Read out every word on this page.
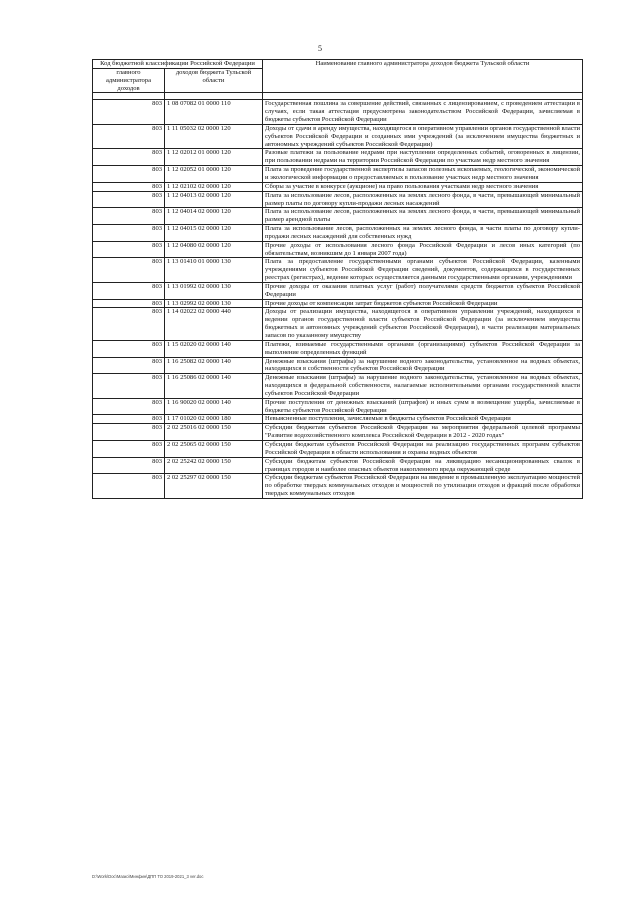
5
Код бюджетной классификации Российской Федерации		Наименование главного администратора доходов бюджета Тульской области
главного администратора доходов	доходов бюджета Тульской области	

803	1 08 07082 01 0000 110	Государственная пошлина за совершение действий, связанных с лицензированием, с проведением аттестации в случаях, если такая аттестация предусмотрена законодательством Российской Федерации, зачисляемая в бюджеты субъектов Российской Федерации
803	1 11 05032 02 0000 120	Доходы от сдачи в аренду имущества, находящегося в оперативном управлении органов государственной власти субъектов Российской Федерации и созданных ими учреждений (за исключением имущества бюджетных и автономных учреждений субъектов Российской Федерации)
803	1 12 02012 01 0000 120	Разовые платежи за пользование недрами при наступлении определенных событий, оговоренных в лицензии, при пользовании недрами на территории Российской Федерации по участкам недр местного значения
803	1 12 02052 01 0000 120	Плата за проведение государственной экспертизы запасов полезных ископаемых, геологической, экономической и экологической информации о предоставляемых в пользование участках недр местного значения
803	1 12 02102 02 0000 120	Сборы за участие в конкурсе (аукционе) на право пользования участками недр местного значения
803	1 12 04013 02 0000 120	Плата за использование лесов, расположенных на землях лесного фонда, в части, превышающей минимальный размер платы по договору купли-продажи лесных насаждений
803	1 12 04014 02 0000 120	Плата за использование лесов, расположенных на землях лесного фонда, в части, превышающей минимальный размер арендной платы
803	1 12 04015 02 0000 120	Плата за использование лесов, расположенных на землях лесного фонда, в части платы по договору купли-продажи лесных насаждений для собственных нужд
803	1 12 04080 02 0000 120	Прочие доходы от использования лесного фонда Российской Федерации и лесов иных категорий (по обязательствам, возникшим до 1 января 2007 года)
803	1 13 01410 01 0000 130	Плата за предоставление государственными органами субъектов Российской Федерации, казенными учреждениями субъектов Российской Федерации сведений, документов, содержащихся в государственных реестрах (регистрах), ведение которых осуществляется данными государственными органами, учреждениями
803	1 13 01992 02 0000 130	Прочие доходы от оказания платных услуг (работ) получателями средств бюджетов субъектов Российской Федерации
803	1 13 02992 02 0000 130	Прочие доходы от компенсации затрат бюджетов субъектов Российской Федерации
803	1 14 02022 02 0000 440	Доходы от реализации имущества, находящегося в оперативном управлении учреждений, находящихся в ведении органов государственной власти субъектов Российской Федерации (за исключением имущества бюджетных и автономных учреждений субъектов Российской Федерации), в части реализации материальных запасов по указанному имуществу
803	1 15 02020 02 0000 140	Платежи, взимаемые государственными органами (организациями) субъектов Российской Федерации за выполнение определенных функций
803	1 16 25082 02 0000 140	Денежные взыскания (штрафы) за нарушение водного законодательства, установленное на водных объектах, находящихся в собственности субъектов Российской Федерации
803	1 16 25086 02 0000 140	Денежные взыскания (штрафы) за нарушение водного законодательства, установленное на водных объектах, находящихся в федеральной собственности, налагаемые исполнительными органами государственной власти субъектов Российской Федерации
803	1 16 90020 02 0000 140	Прочие поступления от денежных взысканий (штрафов) и иных сумм в возмещение ущерба, зачисляемые в бюджеты субъектов Российской Федерации
803	1 17 01020 02 0000 180	Невыясненные поступления, зачисляемые в бюджеты субъектов Российской Федерации
803	2 02 25016 02 0000 150	Субсидии бюджетам субъектов Российской Федерации на мероприятия федеральной целевой программы "Развитие водохозяйственного комплекса Российской Федерации в 2012 - 2020 годах"
803	2 02 25065 02 0000 150	Субсидии бюджетам субъектов Российской Федерации на реализацию государственных программ субъектов Российской Федерации в области использования и охраны водных объектов
803	2 02 25242 02 0000 150	Субсидии бюджетам субъектов Российской Федерации на ликвидацию несанкционированных свалок в границах городов и наиболее опасных объектов накопленного вреда окружающей среде
803	2 02 25297 02 0000 150	Субсидии бюджетам субъектов Российской Федерации на введение в промышленную эксплуатацию мощностей по обработке твердых коммунальных отходов и мощностей по утилизации отходов и фракций после обработки твердых коммунальных отходов
D:\Work\Doc\Мазко\Минфин\ДПП ТО 2019-2021_3 ver.doc
